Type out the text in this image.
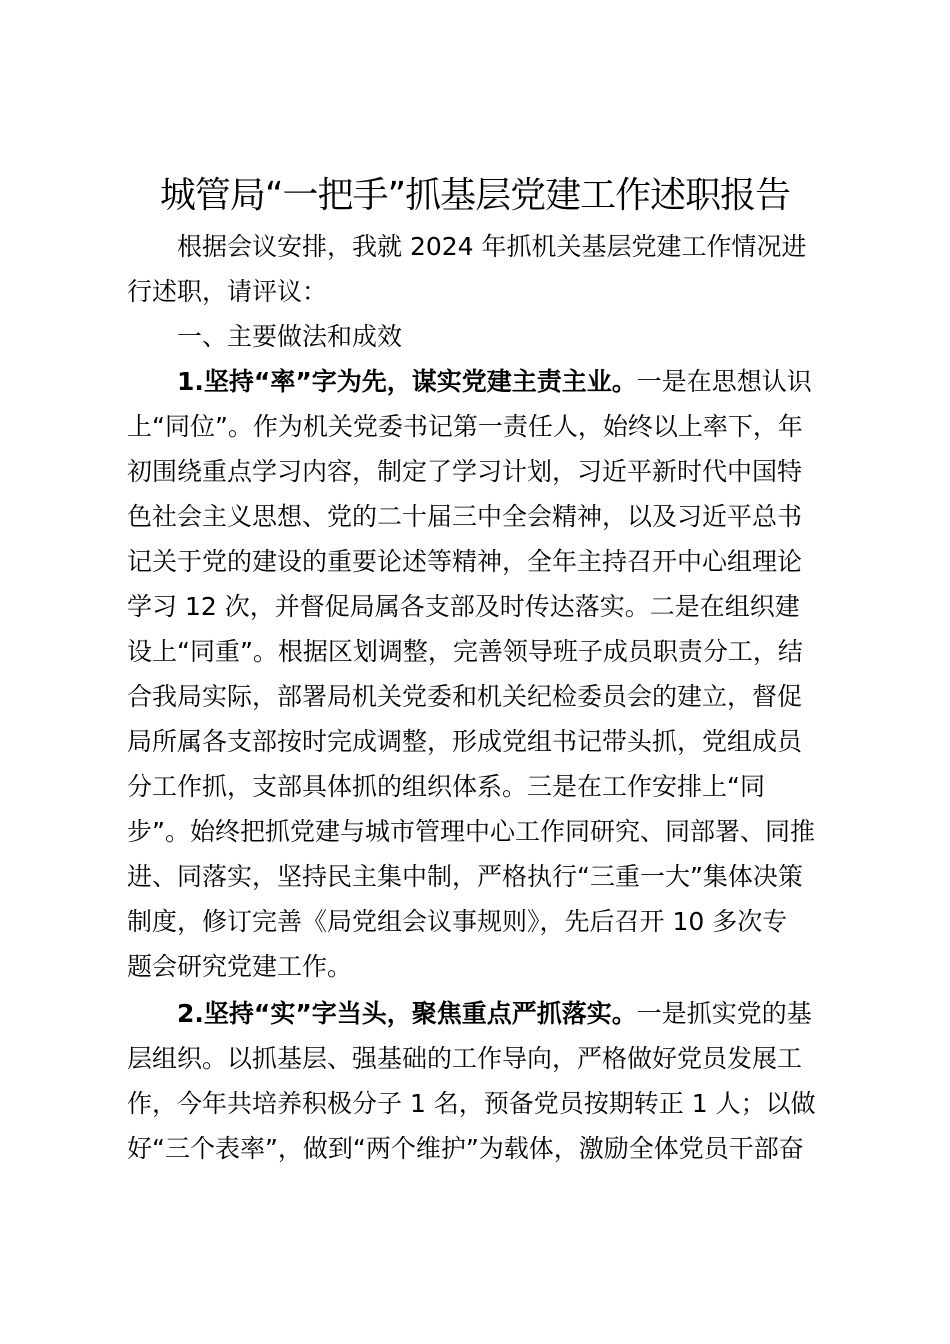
城管局“一把手”抓基层党建工作述职报告
根据会议安排，我就 2024 年抓机关基层党建工作情况进
行述职，请评议：
一、主要做法和成效
1.坚持“率”字为先，谋实党建主责主业。一是在思想认识
上“同位”。作为机关党委书记第一责任人，始终以上率下，年
初围绕重点学习内容，制定了学习计划，习近平新时代中国特
色社会主义思想、党的二十届三中全会精神，以及习近平总书
记关于党的建设的重要论述等精神，全年主持召开中心组理论
学习 12 次，并督促局属各支部及时传达落实。二是在组织建
设上“同重”。根据区划调整，完善领导班子成员职责分工，结
合我局实际，部署局机关党委和机关纪检委员会的建立，督促
局所属各支部按时完成调整，形成党组书记带头抓，党组成员
分工作抓，支部具体抓的组织体系。三是在工作安排上“同
步”。始终把抓党建与城市管理中心工作同研究、同部署、同推
进、同落实，坚持民主集中制，严格执行“三重一大”集体决策
制度，修订完善《局党组会议事规则》，先后召开 10 多次专
题会研究党建工作。
2.坚持“实”字当头，聚焦重点严抓落实。一是抓实党的基
层组织。以抓基层、强基础的工作导向，严格做好党员发展工
作，今年共培养积极分子 1 名，预备党员按期转正 1 人；以做
好“三个表率”，做到“两个维护”为载体，激励全体党员干部奋
